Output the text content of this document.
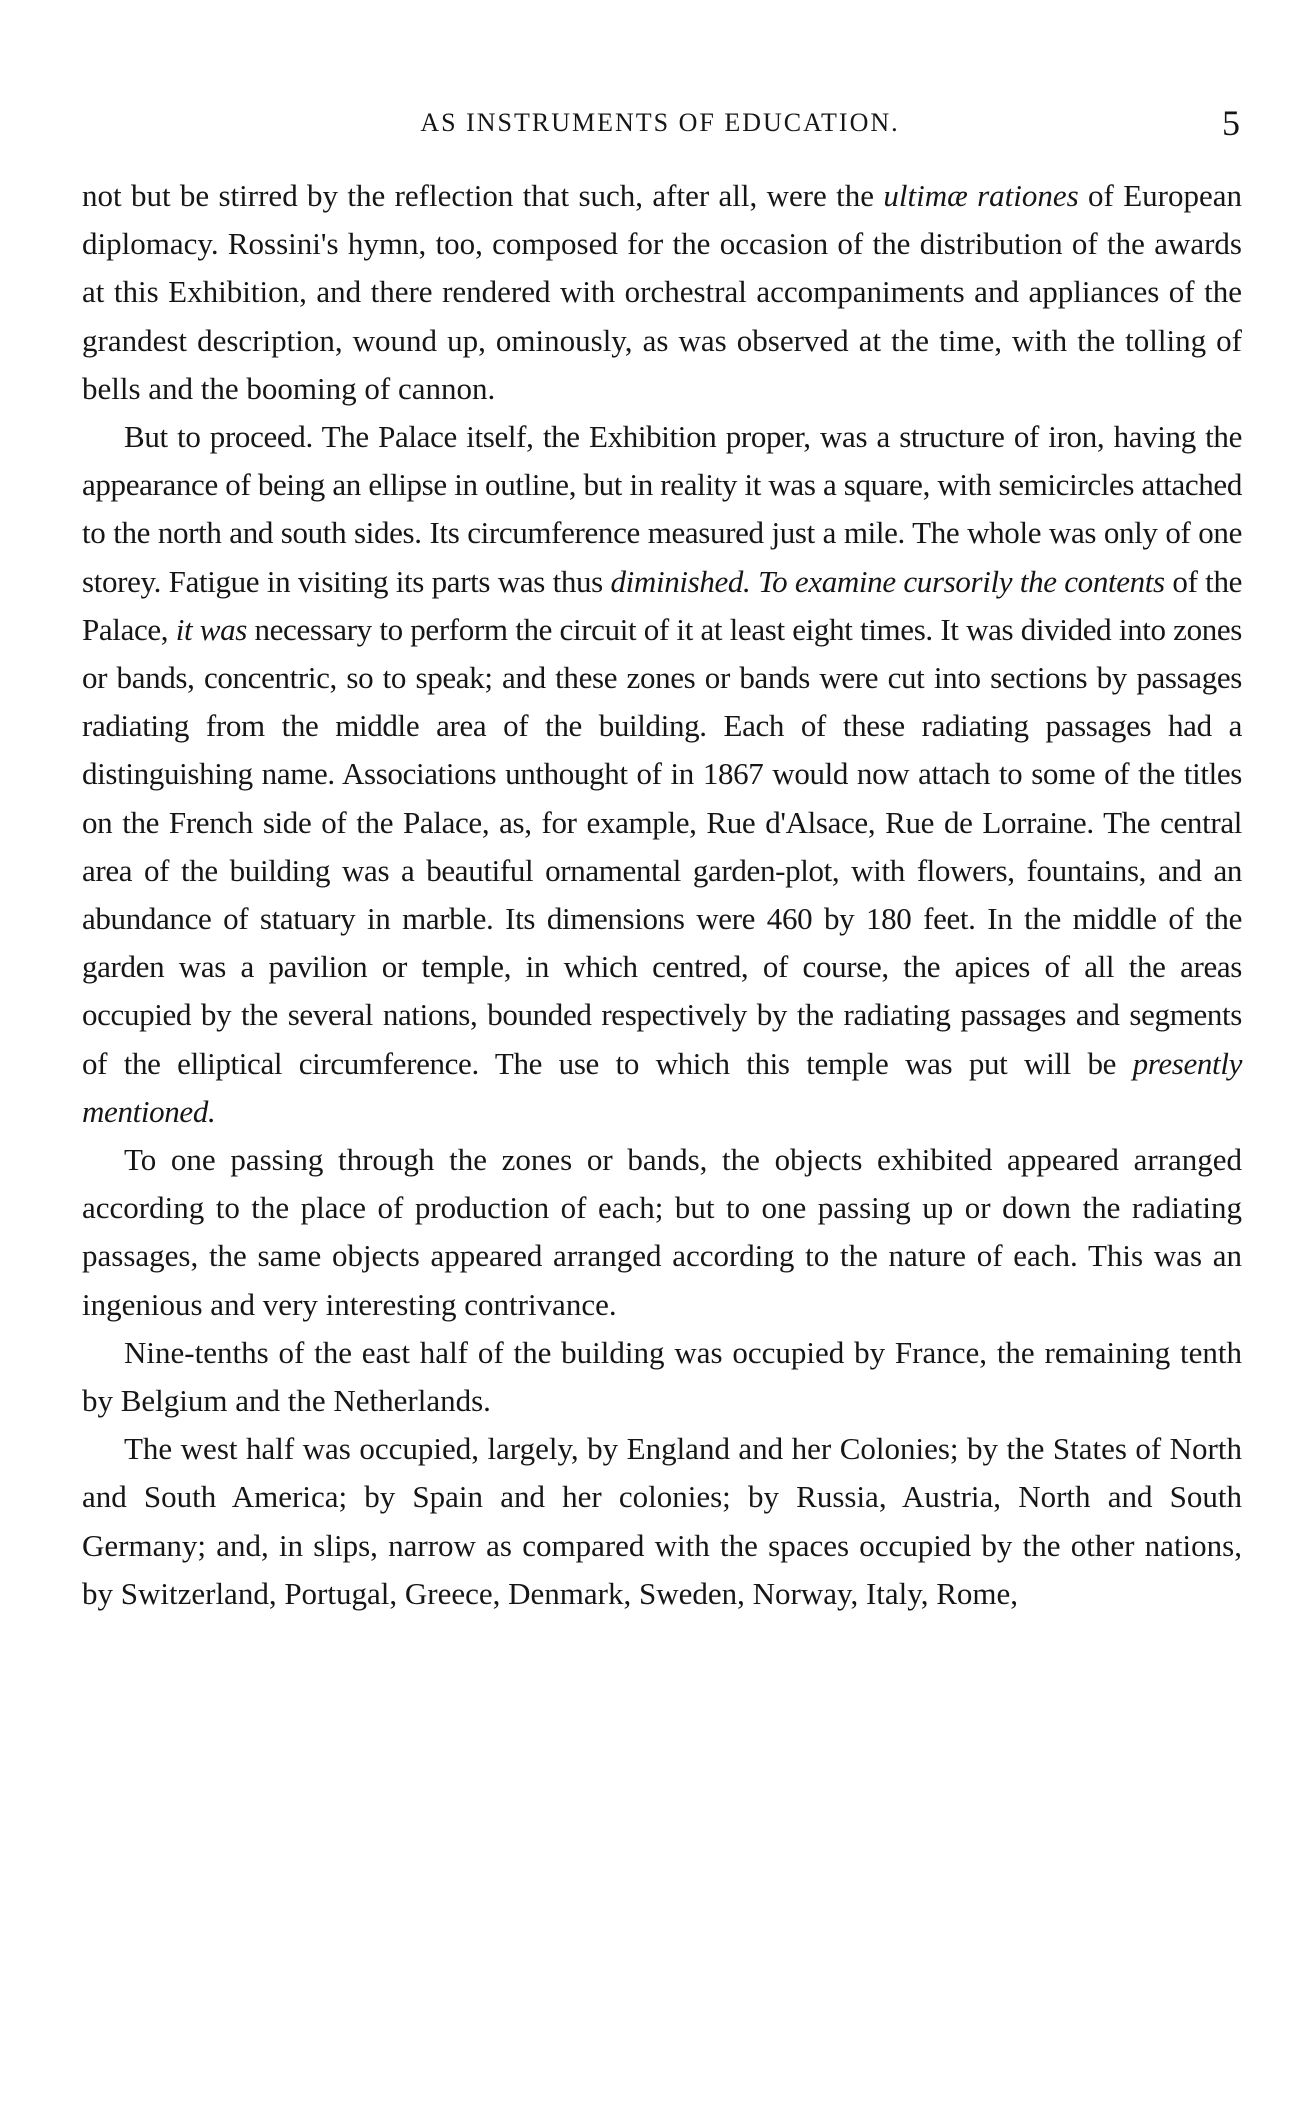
AS INSTRUMENTS OF EDUCATION.	5

not but be stirred by the reflection that such, after all, were the ultimæ rationes of European diplomacy. Rossini's hymn, too, composed for the occasion of the distribution of the awards at this Exhibition, and there rendered with orchestral accompaniments and appliances of the grandest description, wound up, ominously, as was observed at the time, with the tolling of bells and the booming of cannon.

But to proceed. The Palace itself, the Exhibition proper, was a structure of iron, having the appearance of being an ellipse in outline, but in reality it was a square, with semicircles attached to the north and south sides. Its circumference measured just a mile. The whole was only of one storey. Fatigue in visiting its parts was thus diminished. To examine cursorily the contents of the Palace, it was necessary to perform the circuit of it at least eight times. It was divided into zones or bands, concentric, so to speak; and these zones or bands were cut into sections by passages radiating from the middle area of the building. Each of these radiating passages had a distinguishing name. Associations unthought of in 1867 would now attach to some of the titles on the French side of the Palace, as, for example, Rue d'Alsace, Rue de Lorraine. The central area of the building was a beautiful ornamental garden-plot, with flowers, fountains, and an abundance of statuary in marble. Its dimensions were 460 by 180 feet. In the middle of the garden was a pavilion or temple, in which centred, of course, the apices of all the areas occupied by the several nations, bounded respectively by the radiating passages and segments of the elliptical circumference. The use to which this temple was put will be presently mentioned.

To one passing through the zones or bands, the objects exhibited appeared arranged according to the place of production of each; but to one passing up or down the radiating passages, the same objects appeared arranged according to the nature of each. This was an ingenious and very interesting contrivance.

Nine-tenths of the east half of the building was occupied by France, the remaining tenth by Belgium and the Netherlands.

The west half was occupied, largely, by England and her Colonies; by the States of North and South America; by Spain and her colonies; by Russia, Austria, North and South Germany; and, in slips, narrow as compared with the spaces occupied by the other nations, by Switzerland, Portugal, Greece, Denmark, Sweden, Norway, Italy, Rome,
